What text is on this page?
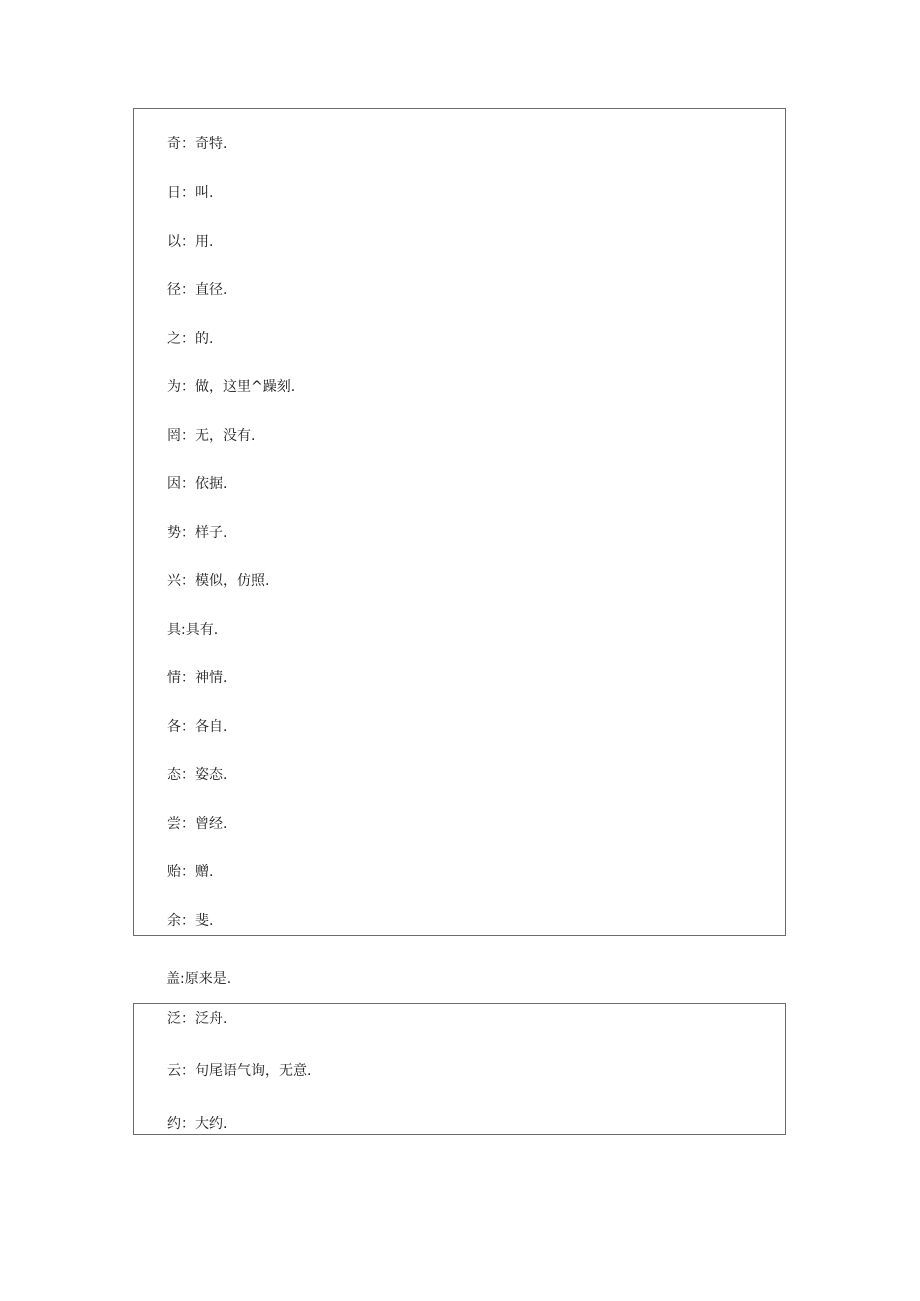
奇：奇特.
日：叫.
以：用.
径：直径.
之：的.
为：做，这里^躁刻.
罔：无，没有.
因：依据.
势：样子.
兴：模似，仿照.
具:具有.
情：神情.
各：各自.
态：姿态.
尝：曾经.
贻：赠.
余：斐.
盖:原来是.
泛：泛舟.
云：句尾语气询，无意.
约：大约.
